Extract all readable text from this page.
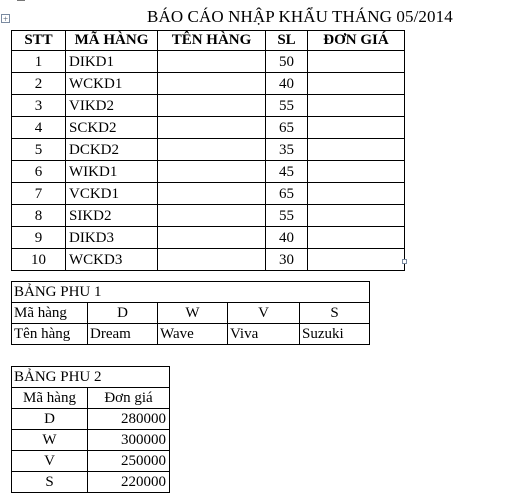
+	BÁO CÁO NHẬP KHẨU THÁNG 05/2014
STT	MÃ HÀNG	TÊN HÀNG	SL	ĐƠN GIÁ
1	DIKD1		50	
2	WCKD1		40	
3	VIKD2		55	
4	SCKD2		65	
5	DCKD2		35	
6	WIKD1		45	
7	VCKD1		65	
8	SIKD2		55	
9	DIKD3		40	
10	WCKD3		30	
BẢNG PHU 1				
Mã hàng	D	W	V	S
Tên hàng	Dream	Wave	Viva	Suzuki
BẢNG PHU 2	
Mã hàng	Đơn giá
D	280000
W	300000
V	250000
S	220000
